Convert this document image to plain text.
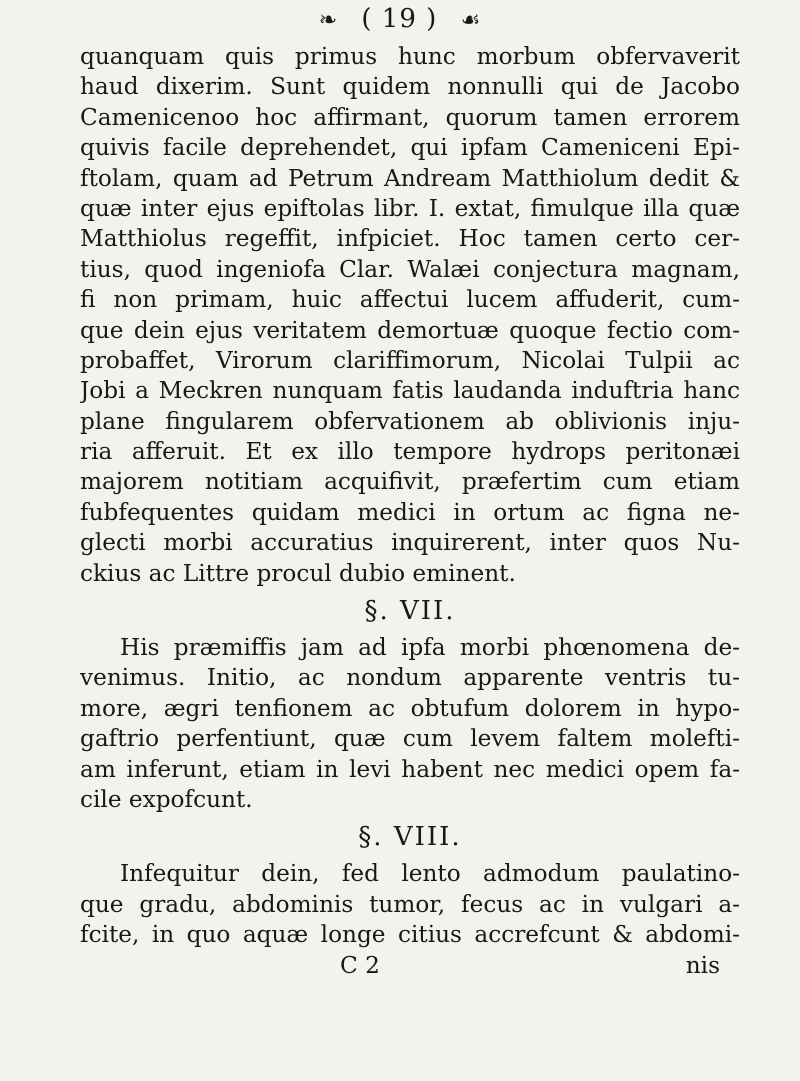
❧ ( 19 ) ☙
quanquam quis primus hunc morbum obfervaverit
haud dixerim. Sunt quidem nonnulli qui de Jacobo
Camenicenoo hoc affirmant, quorum tamen errorem
quivis facile deprehendet, qui ipfam Cameniceni Epi-
ftolam, quam ad Petrum Andream Matthiolum dedit &
quæ inter ejus epiftolas libr. I. extat, fimulque illa quæ
Matthiolus regeffit, infpiciet. Hoc tamen certo cer-
tius, quod ingeniofa Clar. Walæi conjectura magnam,
fi non primam, huic affectui lucem affuderit, cum-
que dein ejus veritatem demortuæ quoque fectio com-
probaffet, Virorum clariffimorum, Nicolai Tulpii ac
Jobi a Meckren nunquam fatis laudanda induftria hanc
plane fingularem obfervationem ab oblivionis inju-
ria afferuit. Et ex illo tempore hydrops peritonæi
majorem notitiam acquifivit, præfertim cum etiam
fubfequentes quidam medici in ortum ac figna ne-
glecti morbi accuratius inquirerent, inter quos Nu-
ckius ac Littre procul dubio eminent.
§. VII.
His præmiffis jam ad ipfa morbi phœnomena de-
venimus. Initio, ac nondum apparente ventris tu-
more, ægri tenfionem ac obtufum dolorem in hypo-
gaftrio perfentiunt, quæ cum levem faltem molefti-
am inferunt, etiam in levi habent nec medici opem fa-
cile expofcunt.
§. VIII.
Infequitur dein, fed lento admodum paulatino-
que gradu, abdominis tumor, fecus ac in vulgari a-
fcite, in quo aquæ longe citius accrefcunt & abdomi-
C 2	nis
